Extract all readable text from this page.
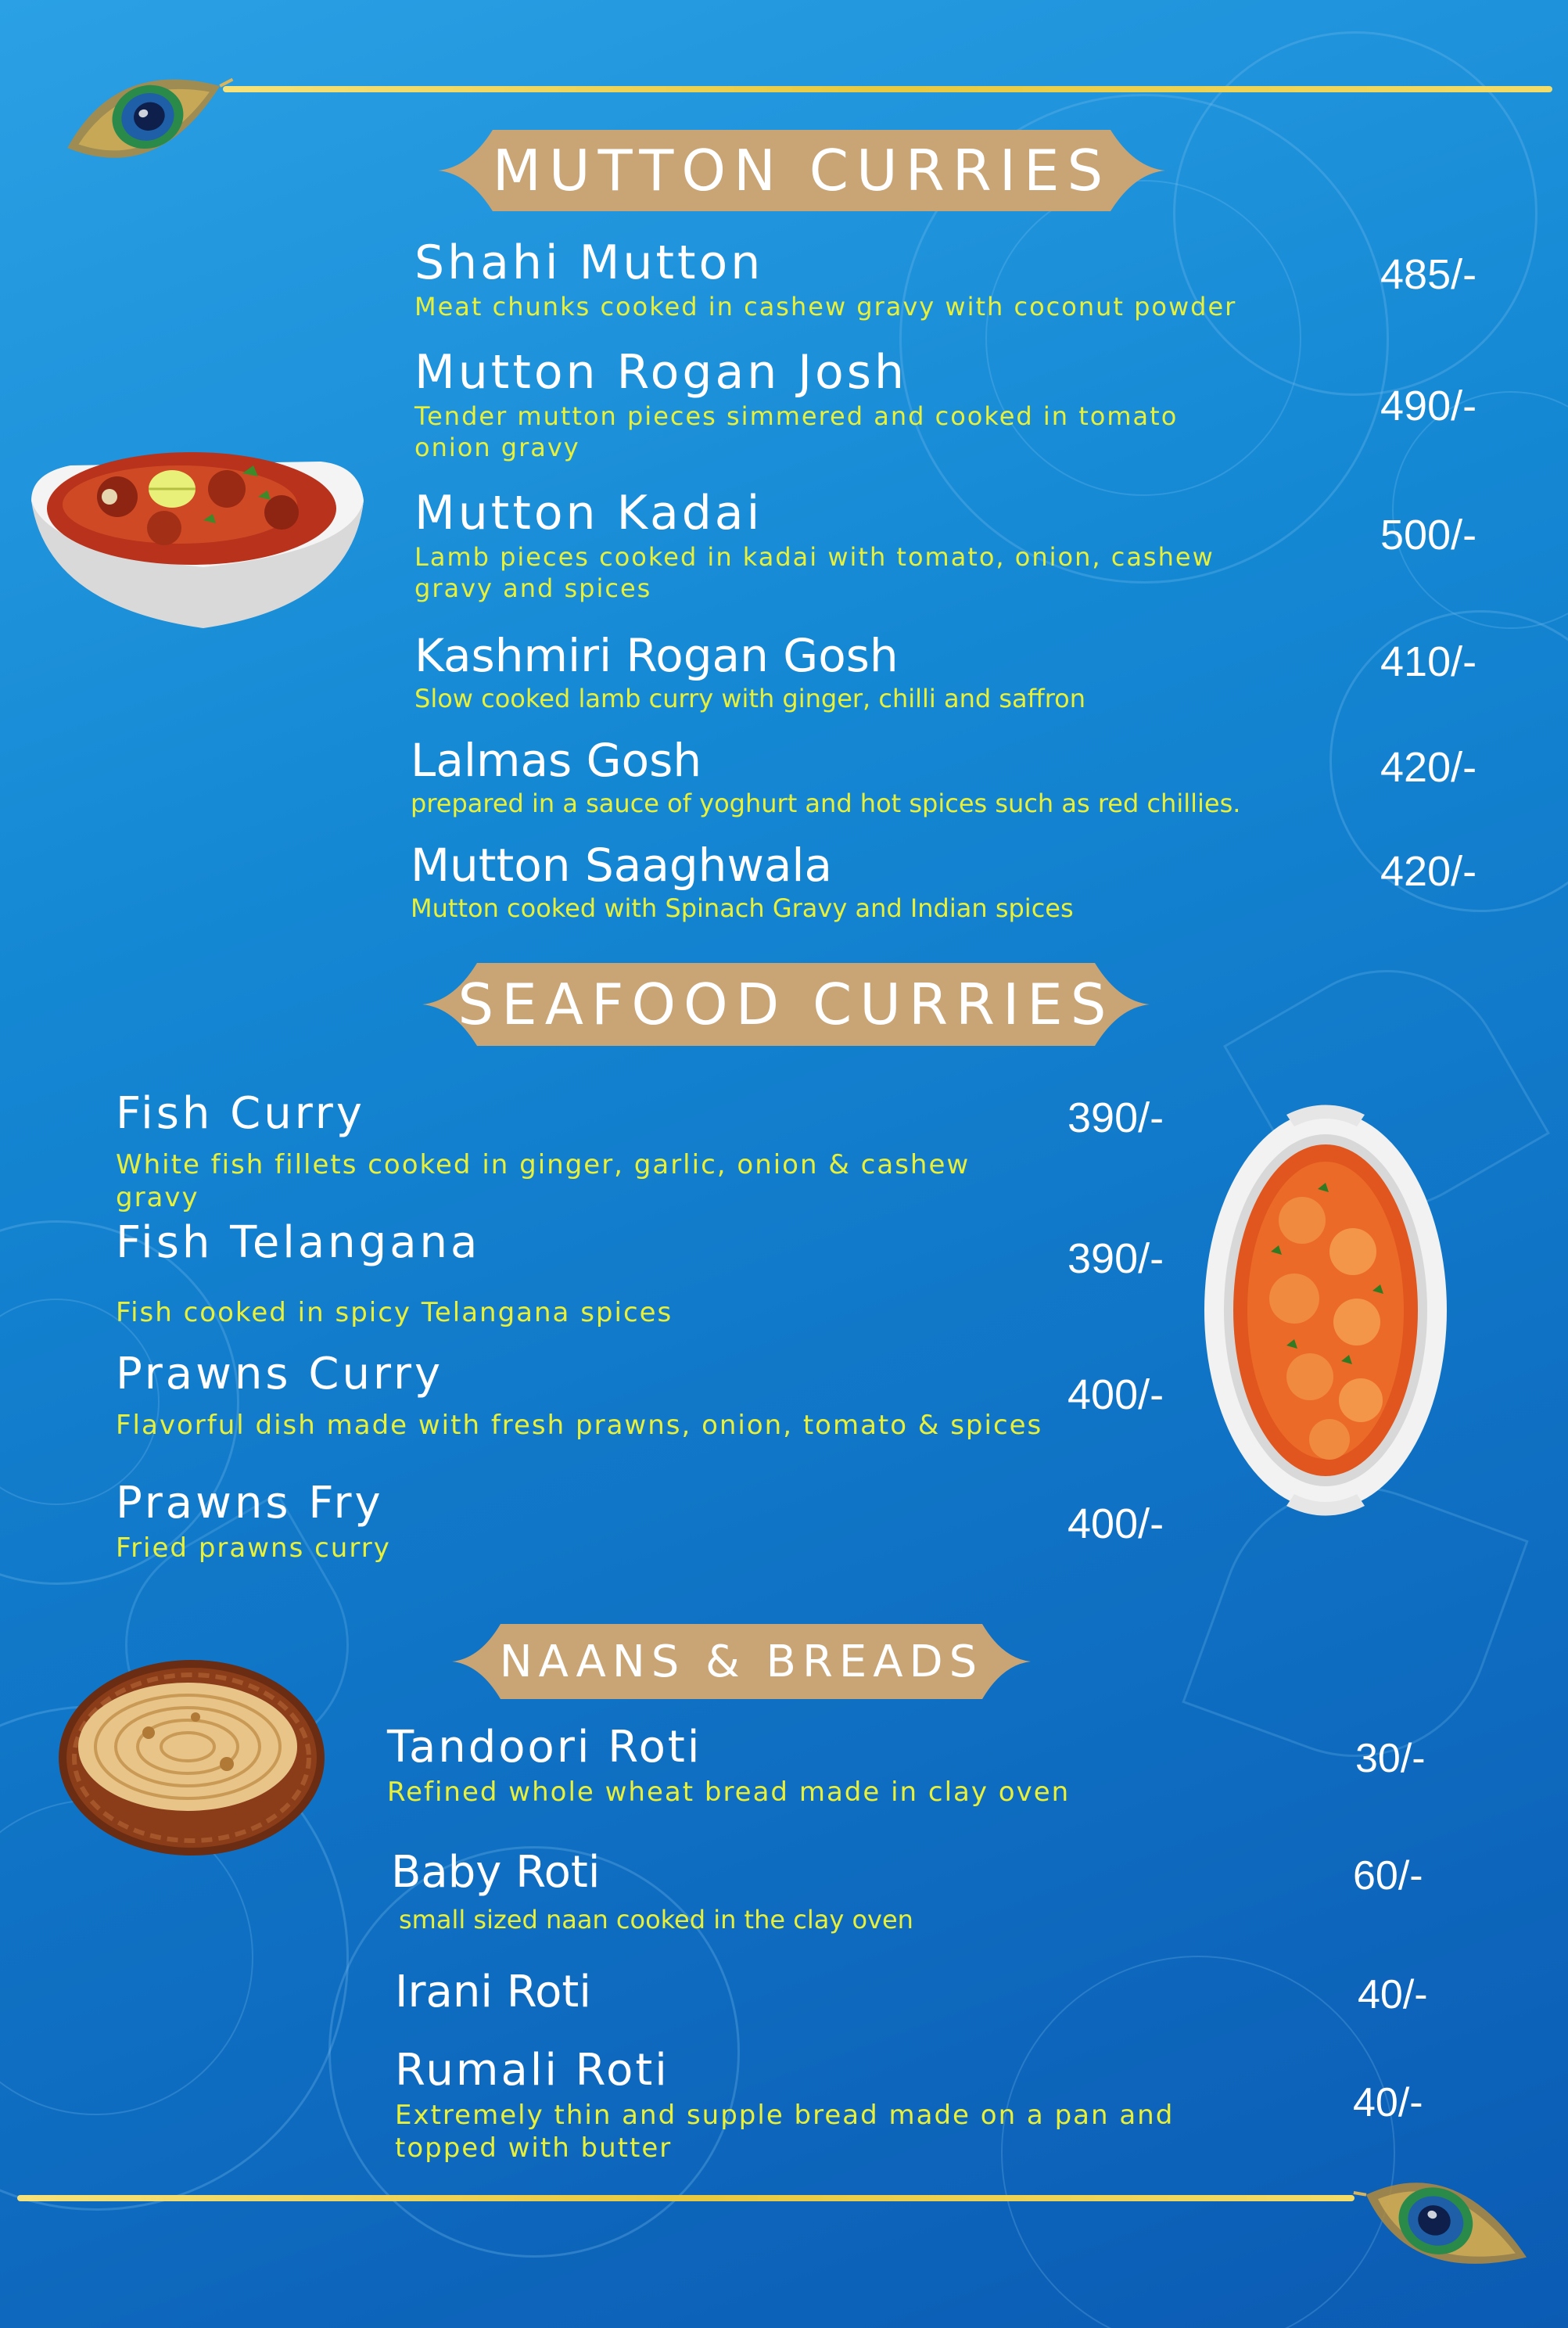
MUTTON CURRIES
Shahi Mutton
Meat chunks cooked in cashew gravy with coconut powder
485/-
Mutton Rogan Josh
Tender mutton pieces simmered and cooked in tomato onion gravy
490/-
Mutton Kadai
Lamb pieces cooked in kadai with tomato, onion, cashew gravy and spices
500/-
Kashmiri Rogan Gosh
Slow cooked lamb curry with ginger, chilli and saffron
410/-
Lalmas Gosh
prepared in a sauce of yoghurt and hot spices such as red chillies.
420/-
Mutton Saaghwala
Mutton cooked with Spinach Gravy and Indian spices
420/-
SEAFOOD CURRIES
Fish Curry
White fish fillets cooked in ginger, garlic, onion & cashew gravy
390/-
Fish Telangana
Fish cooked in spicy Telangana spices
390/-
Prawns Curry
Flavorful dish made with fresh prawns, onion, tomato & spices
400/-
Prawns Fry
Fried prawns curry
400/-
NAANS & BREADS
Tandoori Roti
Refined whole wheat bread made in clay oven
30/-
Baby Roti
small sized naan cooked in the clay oven
60/-
Irani Roti	40/-
Rumali Roti
Extremely thin and supple bread made on a pan and topped with butter
40/-
